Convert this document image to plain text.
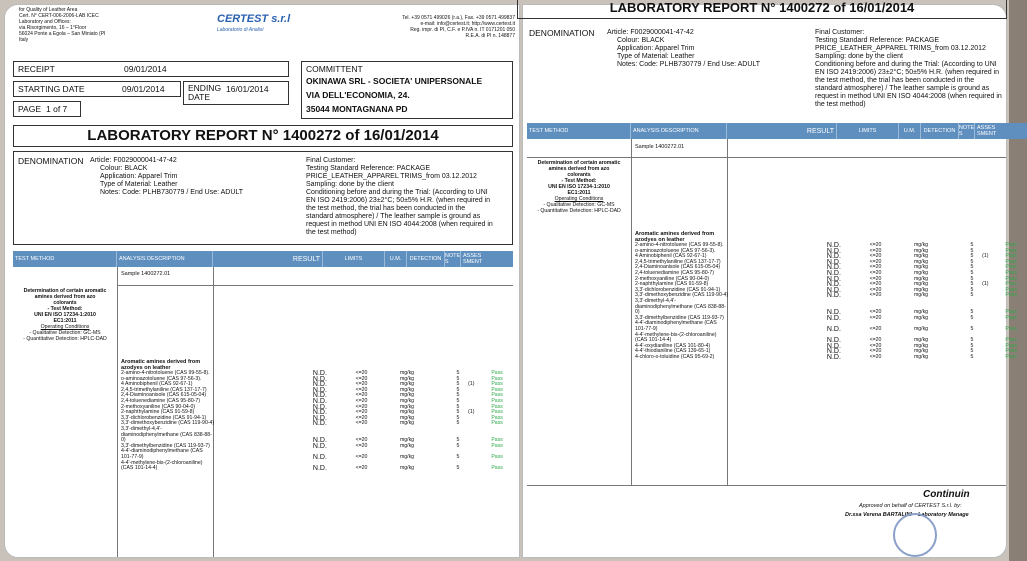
for Quality of Leather Area
Cert. N° CERT-006-2006-LAB ICEC
Laboratory and Offices:
via Risorgimento, 16 – 1°Floor
56024 Ponte a Egola – San Miniato (PI
Italy
CERTEST s.r.l
Laboratorio di Analisi
Tel. +39 0571 499026 (r.a.), Fax. +39 0571 499837
e-mail: info@certest.it; http://www.certest.it
Reg. impr. di PI, C.F. e P.IVA n. IT 0171201 050
R.E.A. di PI n. 148877
RECEIPT	09/01/2014
STARTING DATE	09/01/2014	ENDING DATE
16/01/2014
PAGE 1 of 7
COMMITTENT
OKINAWA SRL - SOCIETA' UNIPERSONALE
VIA DELL'ECONOMIA, 24.
35044 MONTAGNANA PD
LABORATORY REPORT N° 1400272 of 16/01/2014
DENOMINATION Article: F0029000041-47-42
Colour: BLACK
Application: Apparel Trim
Type of Material: Leather
Notes: Code: PLHB730779 / End Use: ADULT
Final Customer:
Testing Standard Reference: PACKAGE
PRICE_LEATHER_APPAREL TRIMS_from 03.12.2012
Sampling: done by the client
Conditioning before and during the Trial: (According to UNI
EN ISO 2419:2006) 23±2°C; 50±5% H.R. (when required in
the test method, the trial has been conducted in the
standard atmosphere) / The leather sample is ground as
request in method UNI EN ISO 4044:2008 (when required in
the test method)
TEST METHOD	ANALYSIS DESCRIPTION	RESULT	LIMITS	U.M.	DETECTION NOTE S
ASSES SMENT
Sample 1400272.01
Determination of certain aromatic
amines derived from azo
colorants
- Test Method:
UNI EN ISO 17234-1:2010
EC1:2011
Operating Conditions
- Qualitative Detection: GC-MS
- Quantitative Detection: HPLC-DAD
Aromatic amines derived from azodyes on leather
2-amino-4-nitrotoluene (CAS 99-55-8).	N.D.	<=20	mg/kg	5		Pass
o-aminoazotoluene (CAS 97-56-3).	N.D.	<=20	mg/kg	5		Pass
4 Aminobiphenil (CAS 92-67-1)	N.D.	<=20	mg/kg	5	(1)	Pass
2,4,5-trimethylaniline (CAS 137-17-7)	N.D.	<=20	mg/kg	5		Pass
2,4-Diaminoanisole (CAS 615-05-04)	N.D.	<=20	mg/kg	5		Pass
2,4-toluenediamine (CAS 95-80-7)	N.D.	<=20	mg/kg	5		Pass
2-methoxyaniline (CAS 90-04-0)	N.D.	<=20	mg/kg	5		Pass
2-naphthylamine (CAS 91-59-8)	N.D.	<=20	mg/kg	5	(1)	Pass
3,3'-dichlorobenzidine (CAS 91-94-1)	N.D.	<=20	mg/kg	5		Pass
3,3'-dimethoxybenzidine (CAS 119-90-4)	N.D.	<=20	mg/kg	5		Pass
3,3'-dimethyl-4,4'-diaminodiphenylmethane (CAS 838-88-0)	N.D.	<=20	mg/kg	5		Pass
3,3'-dimethylbenzidine (CAS 119-93-7)	N.D.	<=20	mg/kg	5		Pass
4-4'-diaminodiphenylmethane (CAS 101-77-9)	N.D.	<=20	mg/kg	5		Pass
4-4'-methylene-bis-(2-chloroaniline) (CAS 101-14-4)	N.D.	<=20	mg/kg	5		Pass
LABORATORY REPORT N° 1400272 of 16/01/2014
DENOMINATION Article: F0029000041-47-42
Colour: BLACK
Application: Apparel Trim
Type of Material: Leather
Notes: Code: PLHB730779 / End Use: ADULT
Final Customer:
Testing Standard Reference: PACKAGE
PRICE_LEATHER_APPAREL TRIMS_from 03.12.2012
Sampling: done by the client
Conditioning before and during the Trial: (According to UNI
EN ISO 2419:2006) 23±2°C; 50±5% H.R. (when required in
the test method, the trial has been conducted in the
standard atmosphere) / The leather sample is ground as
request in method UNI EN ISO 4044:2008 (when required in
the test method)
TEST METHOD	ANALYSIS DESCRIPTION	RESULT	LIMITS	U.M.	DETECTION NOTE S
ASSES SMENT
Sample 1400272.01
Determination of certain aromatic
amines derived from azo
colorants
- Test Method:
UNI EN ISO 17234-1:2010
EC1:2011
Operating Conditions
- Qualitative Detection: GC-MS
- Quantitative Detection: HPLC-DAD
Aromatic amines derived from azodyes on leather
2-amino-4-nitrotoluene (CAS 99-55-8).	N.D.	<=20	mg/kg	5		Pass
o-aminoazotoluene (CAS 97-56-3).	N.D.	<=20	mg/kg	5		Pass
4 Aminobiphenil (CAS 92-67-1)	N.D.	<=20	mg/kg	5	(1)	Pass
2,4,5-trimethylaniline (CAS 137-17-7)	N.D.	<=20	mg/kg	5		Pass
2,4-Diaminoanisole (CAS 615-05-04)	N.D.	<=20	mg/kg	5		Pass
2,4-toluenediamine (CAS 95-80-7)	N.D.	<=20	mg/kg	5		Pass
2-methoxyaniline (CAS 90-04-0)	N.D.	<=20	mg/kg	5		Pass
2-naphthylamine (CAS 91-59-8)	N.D.	<=20	mg/kg	5	(1)	Pass
3,3'-dichlorobenzidine (CAS 91-94-1)	N.D.	<=20	mg/kg	5		Pass
3,3'-dimethoxybenzidine (CAS 119-90-4)	N.D.	<=20	mg/kg	5		Pass
3,3'-dimethyl-4,4'-diaminodiphenylmethane (CAS 838-88-0)	N.D.	<=20	mg/kg	5		Pass
3,3'-dimethylbenzidine (CAS 119-93-7)	N.D.	<=20	mg/kg	5		Pass
4-4'-diaminodiphenylmethane (CAS 101-77-9)	N.D.	<=20	mg/kg	5		Pass
4-4'-methylene-bis-(2-chloroaniline) (CAS 101-14-4)	N.D.	<=20	mg/kg	5		Pass
4-4'-oxydianiline (CAS 101-80-4)	N.D.	<=20	mg/kg	5		Pass
4-4'-thiodianiline (CAS 139-65-1)	N.D.	<=20	mg/kg	5		Pass
4-chloro-o-toluidine (CAS 95-69-2)	N.D.	<=20	mg/kg	5		Pass
Continuin
Approved on behalf of CERTEST S.r.l. by:
Dr.ssa Verena BARTALINI – Laboratory Manage
